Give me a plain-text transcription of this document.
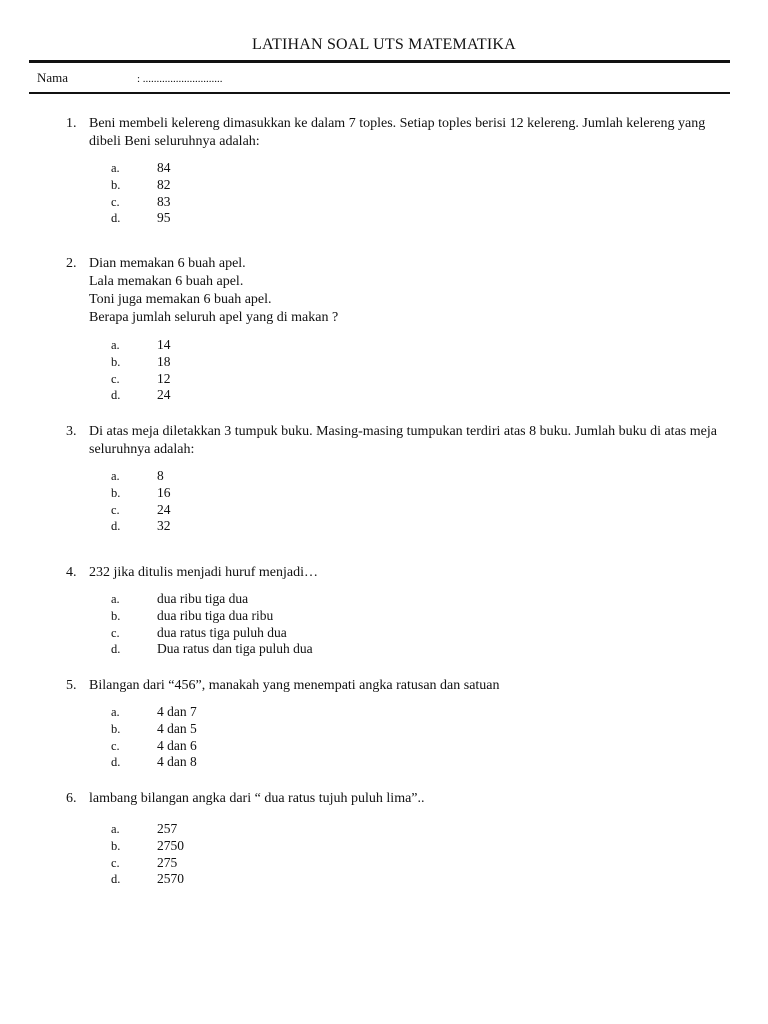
LATIHAN SOAL UTS MATEMATIKA
Nama	: .............................
1. Beni membeli kelereng dimasukkan ke dalam 7 toples. Setiap toples berisi 12 kelereng. Jumlah kelereng yang dibeli Beni seluruhnya adalah:
a.	84
b.	82
c.	83
d.	95
2. Dian memakan 6 buah apel.
Lala memakan 6 buah apel.
Toni juga memakan 6 buah apel.
Berapa jumlah seluruh apel yang di makan ?
a.	14
b.	18
c.	12
d.	24
3. Di atas meja diletakkan 3 tumpuk buku. Masing-masing tumpukan terdiri atas 8 buku. Jumlah buku di atas meja seluruhnya adalah:
a.	8
b.	16
c.	24
d.	32
4. 232 jika ditulis menjadi huruf menjadi…
a.	dua ribu tiga dua
b.	dua ribu tiga dua ribu
c.	dua ratus tiga puluh dua
d.	Dua ratus dan tiga puluh dua
5. Bilangan dari “456”, manakah yang menempati angka ratusan dan satuan
a.	4 dan 7
b.	4 dan 5
c.	4 dan 6
d.	4 dan 8
6. lambang bilangan angka dari “ dua ratus tujuh puluh lima”..
a.	257
b.	2750
c.	275
d.	2570
